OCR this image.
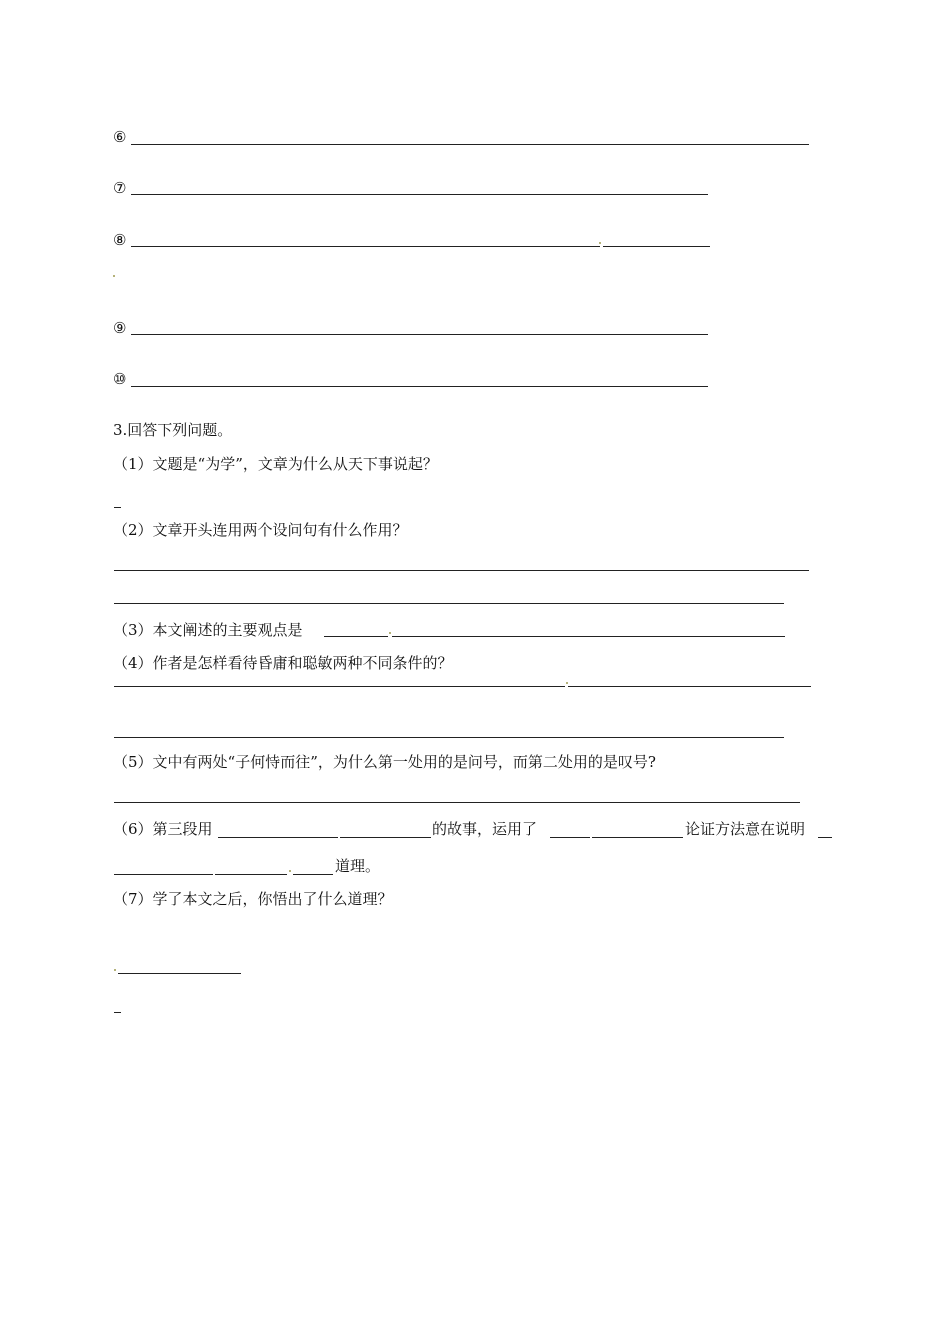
⑥
⑦
⑧
⑨
⑩
3.回答下列问题。
（1）文题是“为学”，文章为什么从天下事说起？
（2）文章开头连用两个设问句有什么作用？
（3）本文阐述的主要观点是
（4）作者是怎样看待昏庸和聪敏两种不同条件的？
（5）文中有两处“子何恃而往”，为什么第一处用的是问号，而第二处用的是叹号?
（6）第三段用	的故事，运用了	论证方法意在说明
道理。
（7）学了本文之后，你悟出了什么道理？
